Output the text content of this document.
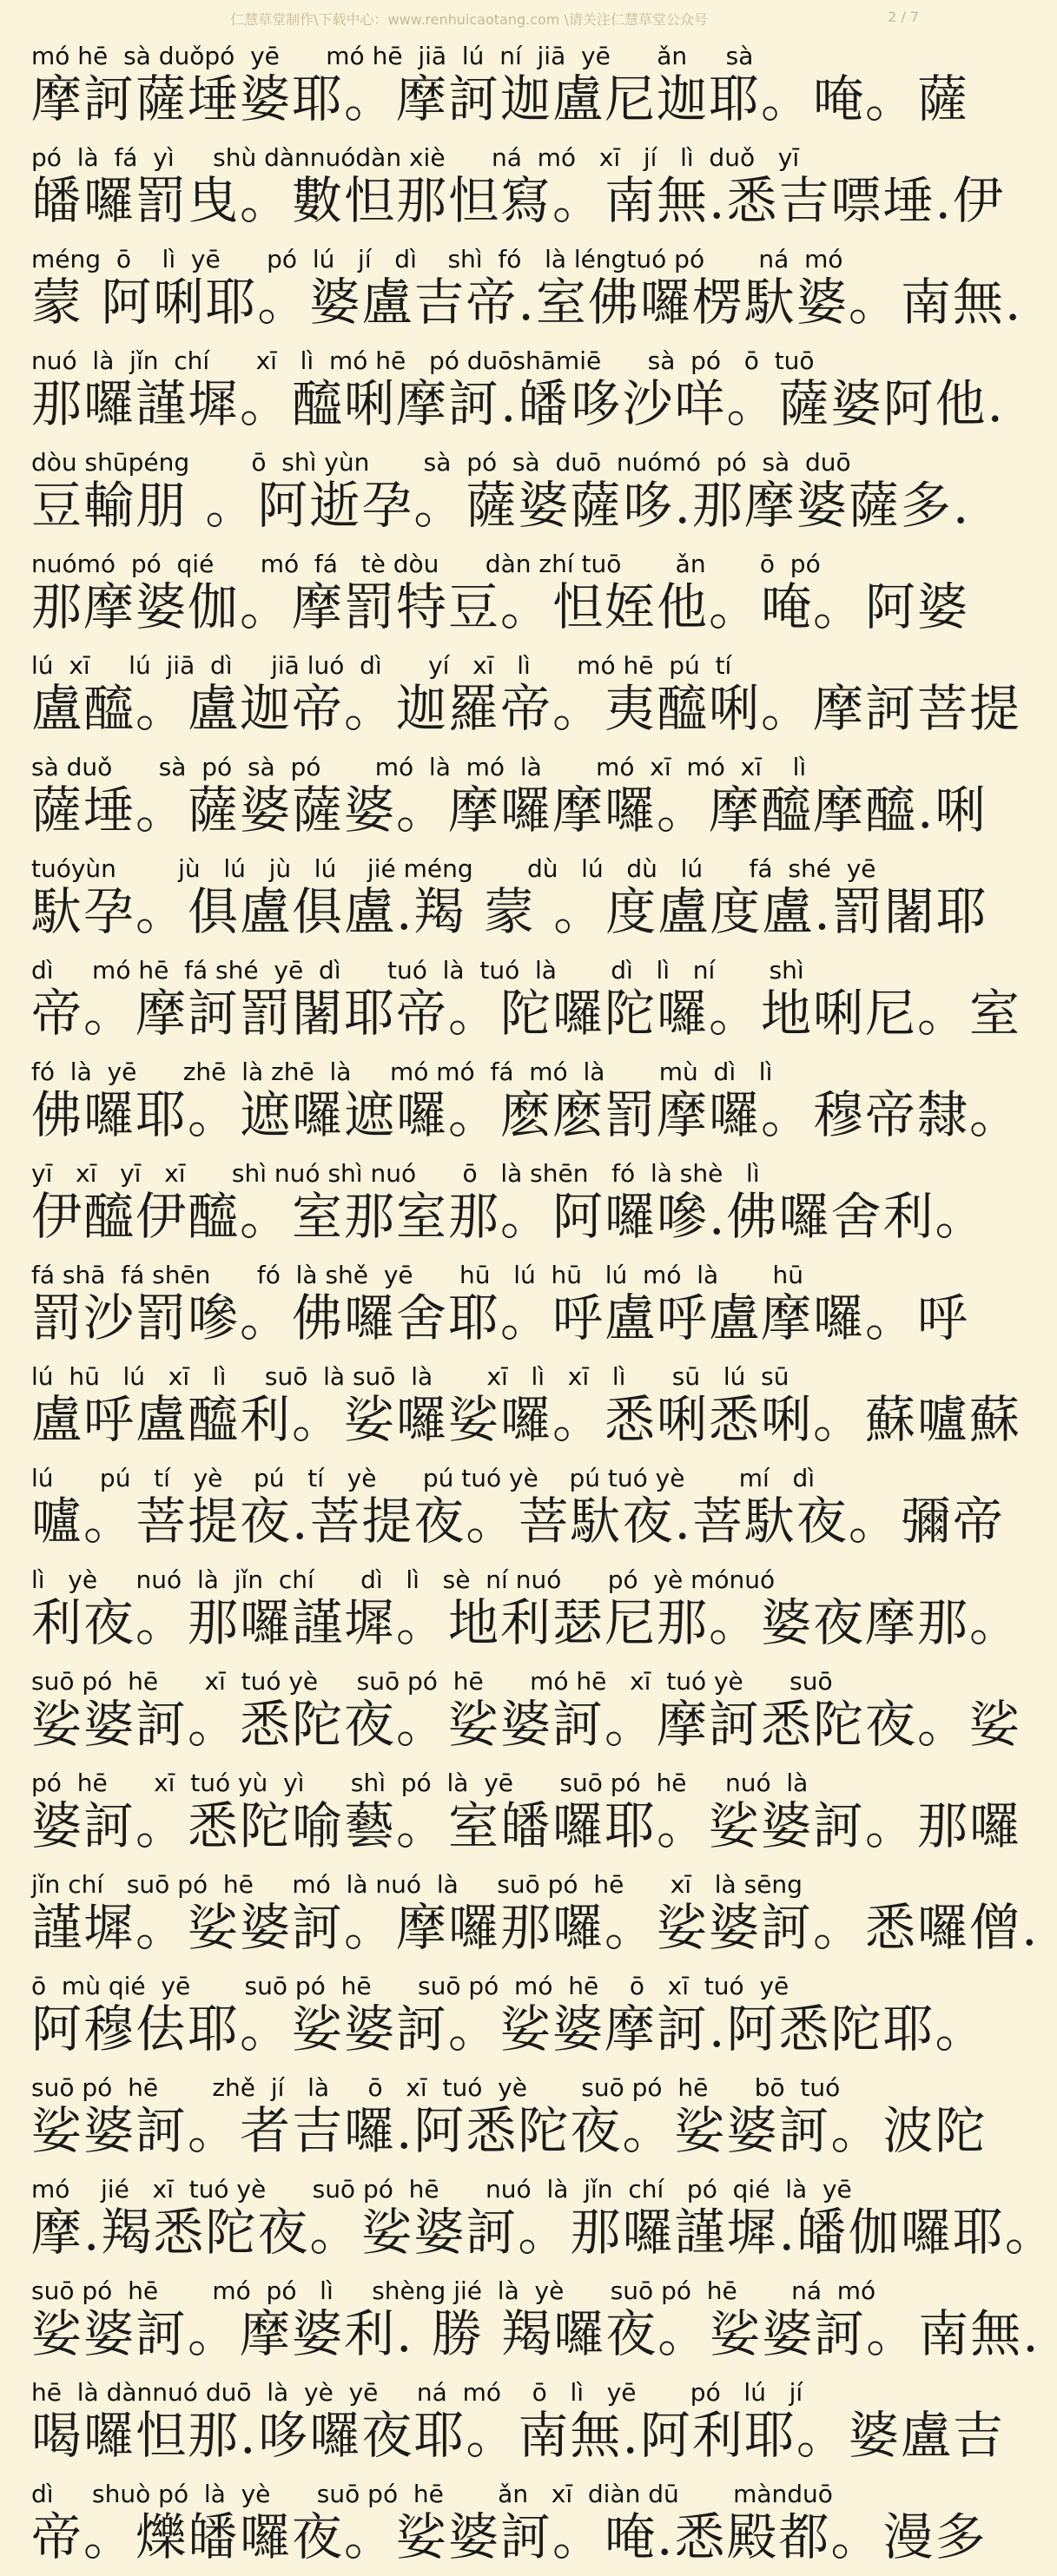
仁慧草堂制作\下载中心：www.renhuicaotang.com \请关注仁慧草堂公众号	2 / 7
mó hē  sà duǒpó  yē      mó hē  jiā  lú  ní  jiā  yē      ǎn     sà
摩訶薩埵婆耶。摩訶迦盧尼迦耶。唵。薩
pó  là  fá  yì     shù dànnuódàn xiè      ná  mó   xī   jí   lì  duǒ   yī
皤囉罰曳。數怛那怛寫。南無.悉吉嘌埵.伊
méng  ō    lì  yē      pó  lú   jí   dì    shì  fó   là léngtuó pó       ná  mó
蒙 阿唎耶。婆盧吉帝.室佛囉楞馱婆。南無.
nuó  là  jǐn  chí      xī   lì  mó hē   pó duōshāmiē      sà  pó   ō  tuō
那囉謹墀。醯唎摩訶.皤哆沙咩。薩婆阿他.
dòu shūpéng        ō  shì yùn       sà  pó  sà  duō  nuómó  pó  sà  duō
豆輸朋 。阿逝孕。薩婆薩哆.那摩婆薩多.
nuómó  pó  qié      mó  fá   tè dòu      dàn zhí tuō       ǎn       ō  pó
那摩婆伽。摩罰特豆。怛姪他。唵。阿婆
lú  xī     lú  jiā  dì     jiā luó  dì      yí   xī   lì      mó hē  pú  tí
盧醯。盧迦帝。迦羅帝。夷醯唎。摩訶菩提
sà duǒ      sà  pó  sà  pó       mó  là  mó  là       mó  xī  mó  xī    lì
薩埵。薩婆薩婆。摩囉摩囉。摩醯摩醯.唎
tuóyùn        jù   lú   jù   lú    jié méng       dù   lú   dù   lú      fá  shé  yē
馱孕。俱盧俱盧.羯 蒙 。度盧度盧.罰闍耶
dì     mó hē  fá shé  yē  dì      tuó  là  tuó  là       dì   lì   ní       shì
帝。摩訶罰闍耶帝。陀囉陀囉。地唎尼。室
fó  là  yē      zhē  là zhē  là     mó mó  fá  mó  là       mù  dì   lì
佛囉耶。遮囉遮囉。麽麽罰摩囉。穆帝隸。
yī   xī   yī   xī      shì nuó shì nuó      ō   là shēn   fó  là shè   lì
伊醯伊醯。室那室那。阿囉嘇.佛囉舍利。
fá shā  fá shēn      fó  là shě  yē      hū   lú  hū   lú  mó  là       hū
罰沙罰嘇。佛囉舍耶。呼盧呼盧摩囉。呼
lú  hū   lú   xī   lì     suō  là suō  là       xī   lì   xī   lì      sū   lú  sū
盧呼盧醯利。娑囉娑囉。悉唎悉唎。蘇嚧蘇
lú      pú   tí   yè    pú   tí   yè      pú tuó yè    pú tuó yè       mí   dì
嚧。菩提夜.菩提夜。菩馱夜.菩馱夜。彌帝
lì   yè     nuó  là  jǐn  chí      dì   lì   sè  ní nuó      pó  yè mónuó
利夜。那囉謹墀。地利瑟尼那。婆夜摩那。
suō pó  hē      xī  tuó yè     suō pó  hē      mó hē   xī  tuó yè      suō
娑婆訶。悉陀夜。娑婆訶。摩訶悉陀夜。娑
pó  hē      xī  tuó yù  yì      shì  pó  là  yē      suō pó  hē     nuó  là
婆訶。悉陀喻藝。室皤囉耶。娑婆訶。那囉
jǐn chí   suō pó  hē     mó  là nuó  là     suō pó  hē      xī   là sēng
謹墀。娑婆訶。摩囉那囉。娑婆訶。悉囉僧.
ō  mù qié  yē       suō pó  hē      suō pó  mó  hē    ō   xī  tuó  yē
阿穆佉耶。娑婆訶。娑婆摩訶.阿悉陀耶。
suō pó  hē       zhě  jí   là     ō   xī  tuó  yè       suō pó  hē      bō  tuó
娑婆訶。者吉囉.阿悉陀夜。娑婆訶。波陀
mó    jié   xī  tuó yè      suō pó  hē      nuó  là  jǐn  chí   pó  qié  là  yē
摩.羯悉陀夜。娑婆訶。那囉謹墀.皤伽囉耶。
suō pó  hē       mó  pó   lì     shèng jié  là  yè      suō pó  hē       ná  mó
娑婆訶。摩婆利. 勝 羯囉夜。娑婆訶。南無.
hē  là dànnuó duō  là  yè  yē     ná  mó    ō   lì   yē       pó   lú   jí
喝囉怛那.哆囉夜耶。南無.阿利耶。婆盧吉
dì     shuò pó  là  yè      suō pó  hē       ǎn   xī  diàn dū       mànduō
帝。爍皤囉夜。娑婆訶。唵.悉殿都。漫多
